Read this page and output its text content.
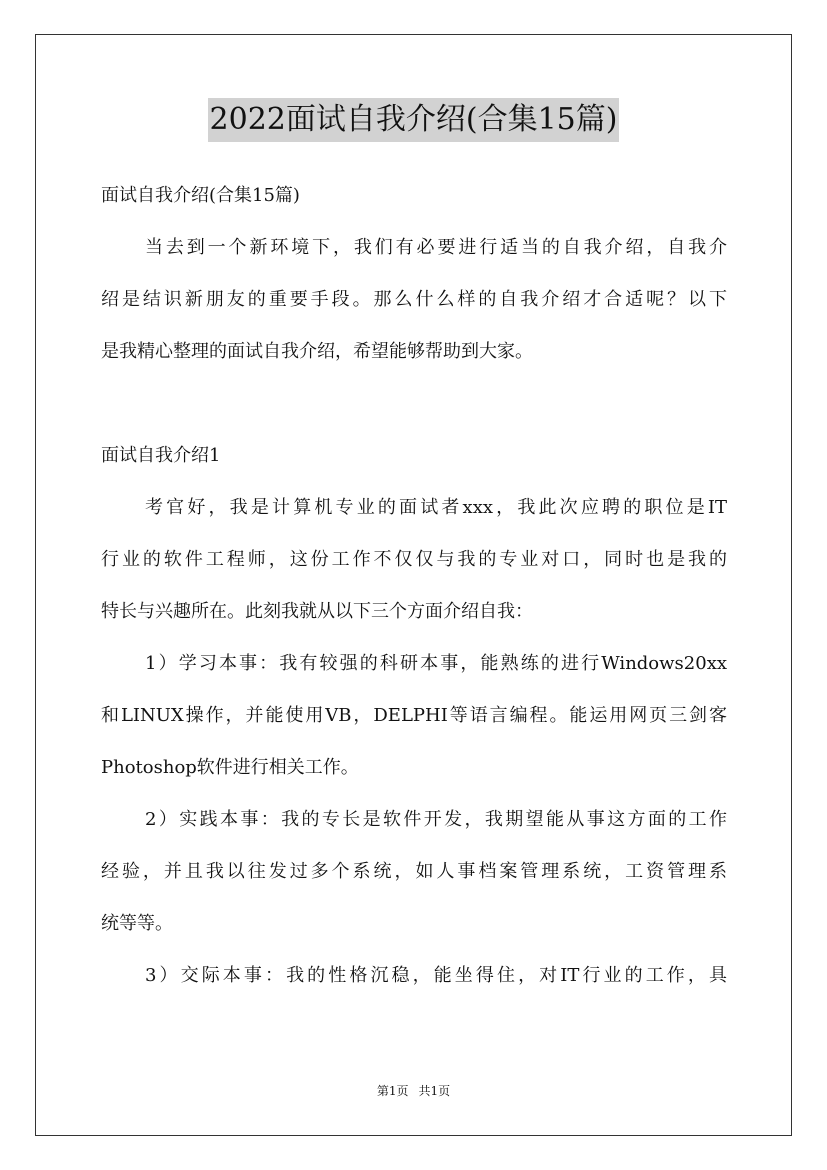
2022面试自我介绍(合集15篇)
面试自我介绍(合集15篇)
当去到一个新环境下，我们有必要进行适当的自我介绍，自我介
绍是结识新朋友的重要手段。那么什么样的自我介绍才合适呢？以下
是我精心整理的面试自我介绍，希望能够帮助到大家。
面试自我介绍1
考官好，我是计算机专业的面试者xxx，我此次应聘的职位是IT
行业的软件工程师，这份工作不仅仅与我的专业对口，同时也是我的
特长与兴趣所在。此刻我就从以下三个方面介绍自我：
1）学习本事：我有较强的科研本事，能熟练的进行Windows20xx
和LINUX操作，并能使用VB，DELPHI等语言编程。能运用网页三剑客
Photoshop软件进行相关工作。
2）实践本事：我的专长是软件开发，我期望能从事这方面的工作
经验，并且我以往发过多个系统，如人事档案管理系统，工资管理系
统等等。
3）交际本事：我的性格沉稳，能坐得住，对IT行业的工作，具
第1页 共1页
